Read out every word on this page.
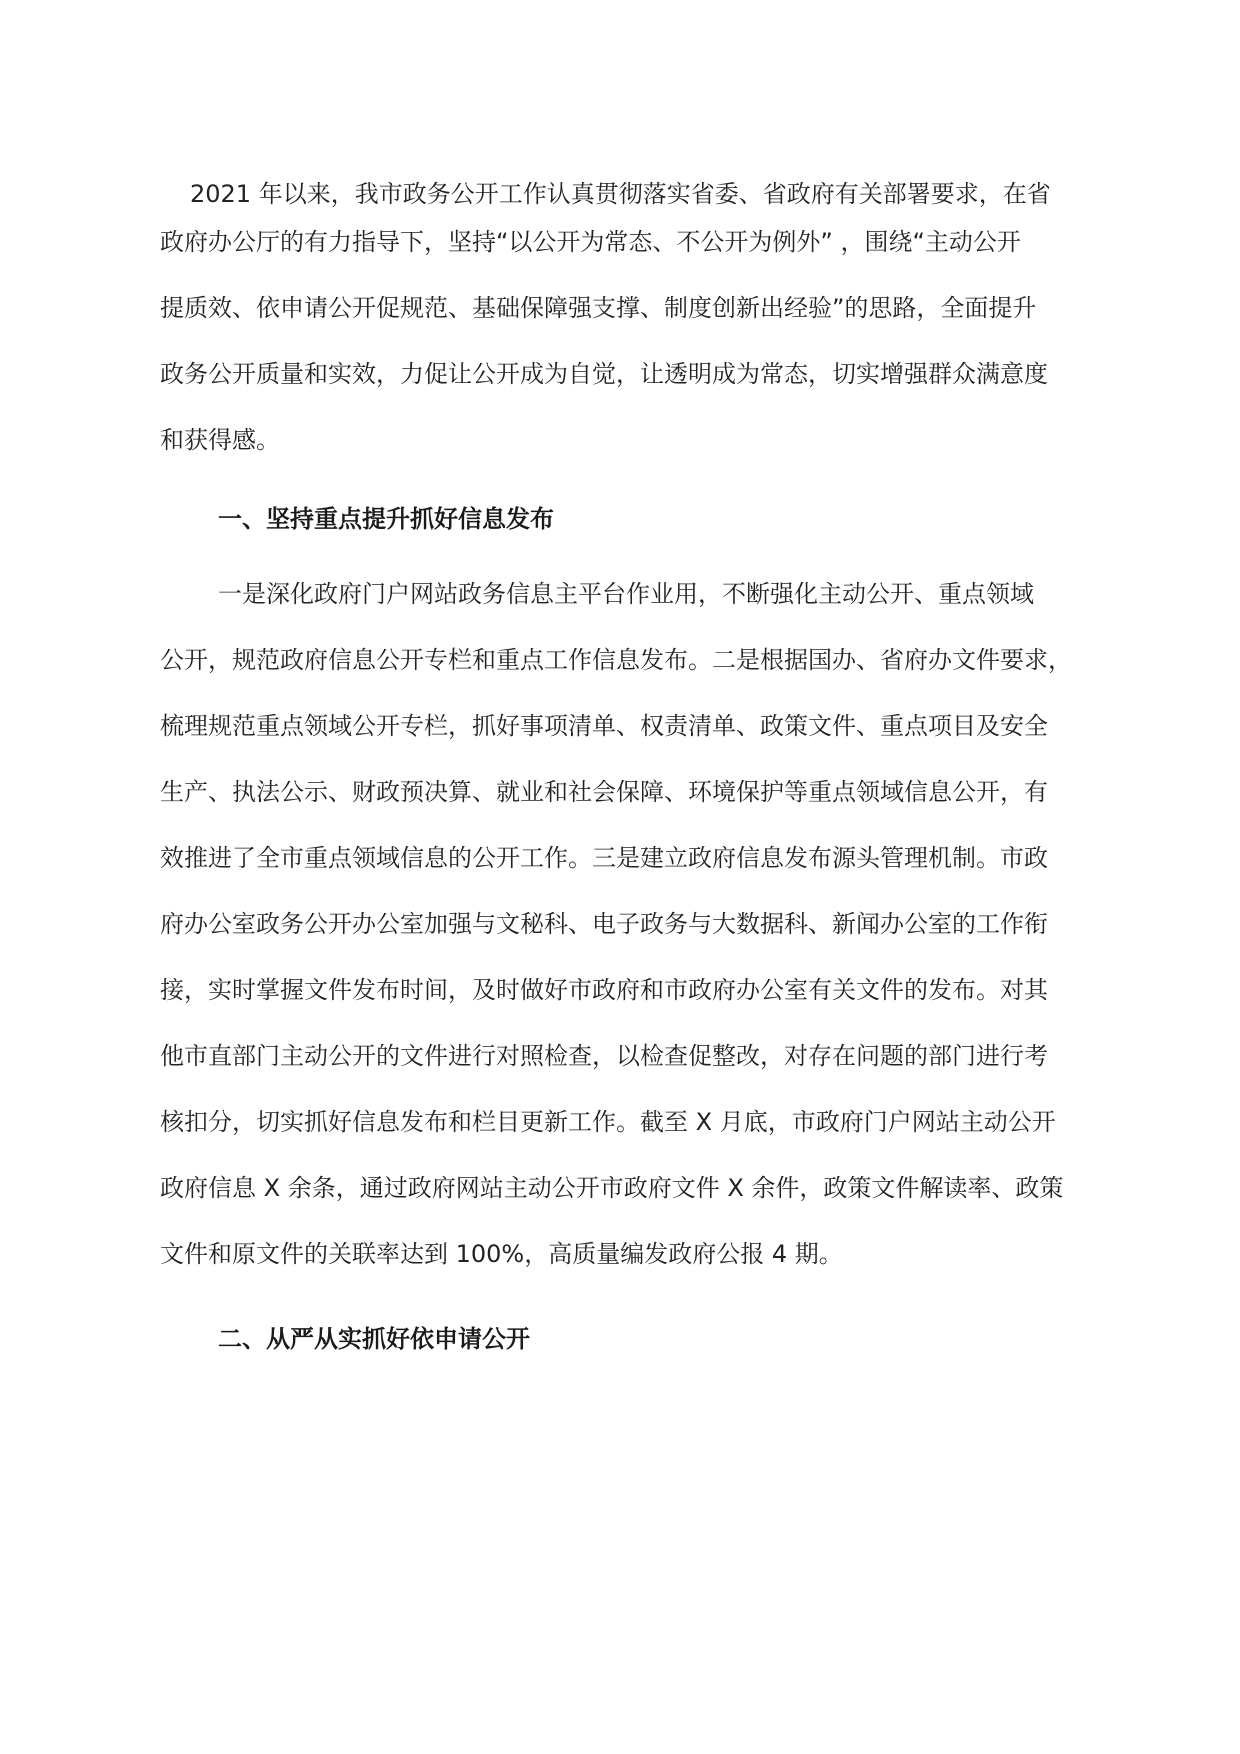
2021 年以来，我市政务公开工作认真贯彻落实省委、省政府有关部署要求，在省
政府办公厅的有力指导下，坚持“以公开为常态、不公开为例外” ，围绕“主动公开
提质效、依申请公开促规范、基础保障强支撑、制度创新出经验”的思路，全面提升
政务公开质量和实效，力促让公开成为自觉，让透明成为常态，切实增强群众满意度
和获得感。
一、坚持重点提升抓好信息发布
一是深化政府门户网站政务信息主平台作业用，不断强化主动公开、重点领域
公开，规范政府信息公开专栏和重点工作信息发布。二是根据国办、省府办文件要求，
梳理规范重点领域公开专栏，抓好事项清单、权责清单、政策文件、重点项目及安全
生产、执法公示、财政预决算、就业和社会保障、环境保护等重点领域信息公开，有
效推进了全市重点领域信息的公开工作。三是建立政府信息发布源头管理机制。市政
府办公室政务公开办公室加强与文秘科、电子政务与大数据科、新闻办公室的工作衔
接，实时掌握文件发布时间，及时做好市政府和市政府办公室有关文件的发布。对其
他市直部门主动公开的文件进行对照检查，以检查促整改，对存在问题的部门进行考
核扣分，切实抓好信息发布和栏目更新工作。截至 X 月底，市政府门户网站主动公开
政府信息 X 余条，通过政府网站主动公开市政府文件 X 余件，政策文件解读率、政策
文件和原文件的关联率达到 100%，高质量编发政府公报 4 期。
二、从严从实抓好依申请公开
